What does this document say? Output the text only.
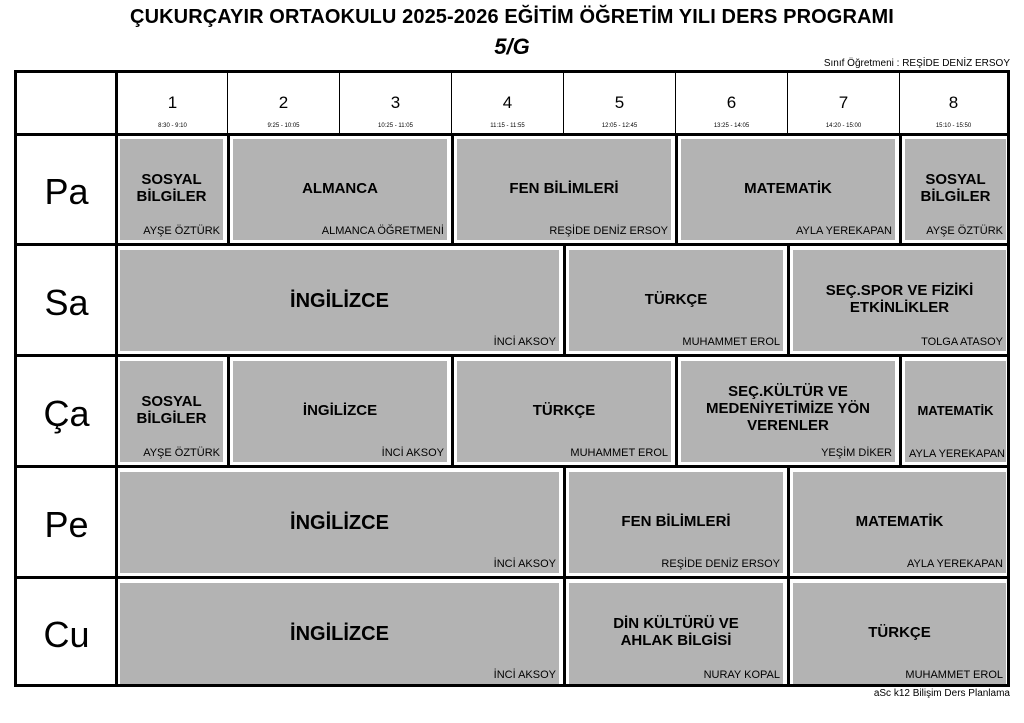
ÇUKURÇAYIR ORTAOKULU 2025-2026 EĞİTİM ÖĞRETİM YILI DERS PROGRAMI
5/G
Sınıf Öğretmeni : REŞİDE DENİZ ERSOY
1
8:30 - 9:10
2
9:25 - 10:05
3
10:25 - 11:05
4
11:15 - 11:55
5
12:05 - 12:45
6
13:25 - 14:05
7
14:20 - 15:00
8
15:10 - 15:50
Pa
Sa
Ça
Pe
Cu
SOSYAL BİLGİLER
AYŞE ÖZTÜRK
ALMANCA
ALMANCA ÖĞRETMENİ
FEN BİLİMLERİ
REŞİDE DENİZ ERSOY
MATEMATİK
AYLA YEREKAPAN
SOSYAL BİLGİLER
AYŞE ÖZTÜRK
İNGİLİZCE
İNCİ AKSOY
TÜRKÇE
MUHAMMET EROL
SEÇ.SPOR VE FİZİKİ ETKİNLİKLER
TOLGA ATASOY
SOSYAL BİLGİLER
AYŞE ÖZTÜRK
İNGİLİZCE
İNCİ AKSOY
TÜRKÇE
MUHAMMET EROL
SEÇ.KÜLTÜR VE MEDENİYETİMİZE YÖN VERENLER
YEŞİM DİKER
MATEMATİK
AYLA YEREKAPAN
İNGİLİZCE
İNCİ AKSOY
FEN BİLİMLERİ
REŞİDE DENİZ ERSOY
MATEMATİK
AYLA YEREKAPAN
İNGİLİZCE
İNCİ AKSOY
DİN KÜLTÜRÜ VE AHLAK BİLGİSİ
NURAY KOPAL
TÜRKÇE
MUHAMMET EROL
aSc k12 Bilişim Ders Planlama
